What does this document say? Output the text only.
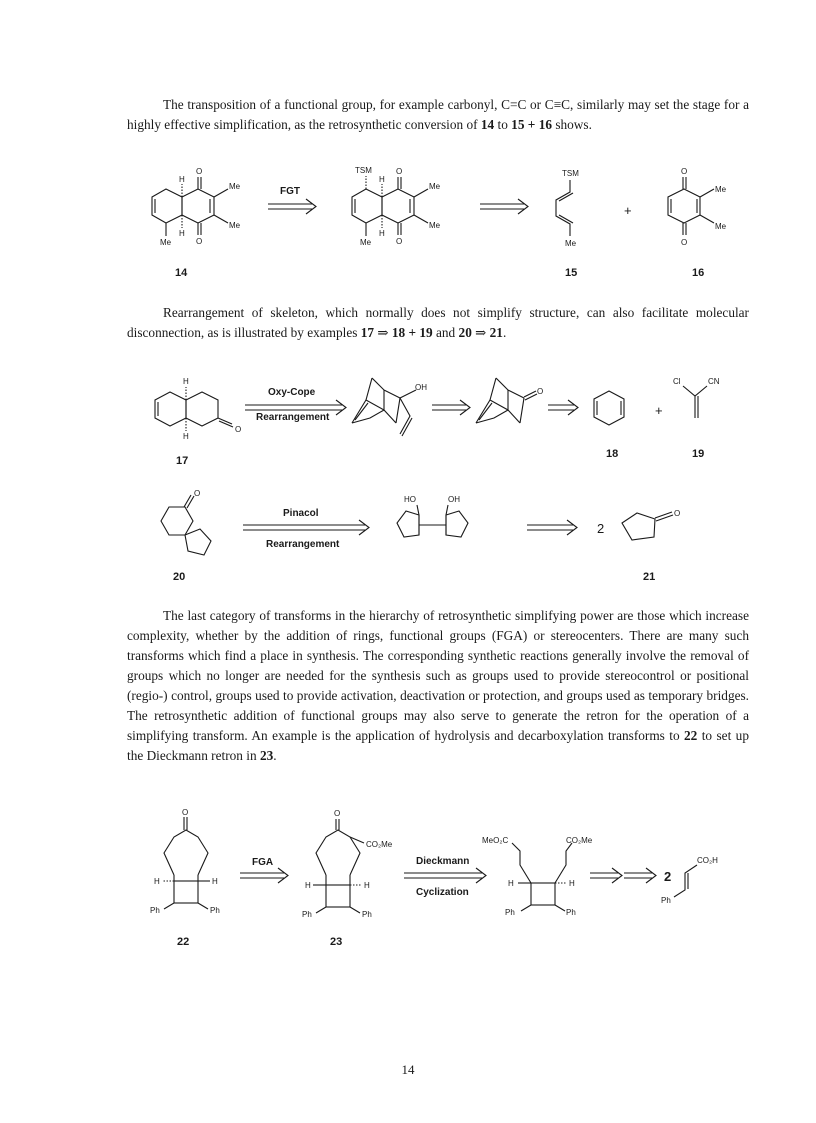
The transposition of a functional group, for example carbonyl, C=C or C≡C, similarly may set the stage for a highly effective simplification, as the retrosynthetic conversion of 14 to 15 + 16 shows.

O
O
H
H
Me
Me
Me
FGT
TSM	O
O
H
H
Me
Me
Me
TSM
Me
+
O
O
Me
Me
14	15	16

Rearrangement of skeleton, which normally does not simplify structure, can also facilitate molecular disconnection, as is illustrated by examples 17 ⇒ 18 + 19 and 20 ⇒ 21.

H
H
O
Oxy-Cope
Rearrangement
OH	O
+
Cl	CN
17
18	19
O
Pinacol
Rearrangement
HO	OH
2
O
20	21

The last category of transforms in the hierarchy of retrosynthetic simplifying power are those which increase complexity, whether by the addition of rings, functional groups (FGA) or stereocenters. There are many such transforms which find a place in synthesis. The corresponding synthetic reactions generally involve the removal of groups which no longer are needed for the synthesis such as groups used to provide stereocontrol or positional (regio-) control, groups used to provide activation, deactivation or protection, and groups used as temporary bridges. The retrosynthetic addition of functional groups may also serve to generate the retron for the operation of a simplifying transform. An example is the application of hydrolysis and decarboxylation transforms to 22 to set up the Dieckmann retron in 23.

O
H	H
Ph	Ph
FGA
O
CO₂Me
H	H
Ph	Ph
Dieckmann
Cyclization
MeO₂C	CO₂Me
H	H
Ph	Ph
2
CO₂H
Ph
22	23
14
